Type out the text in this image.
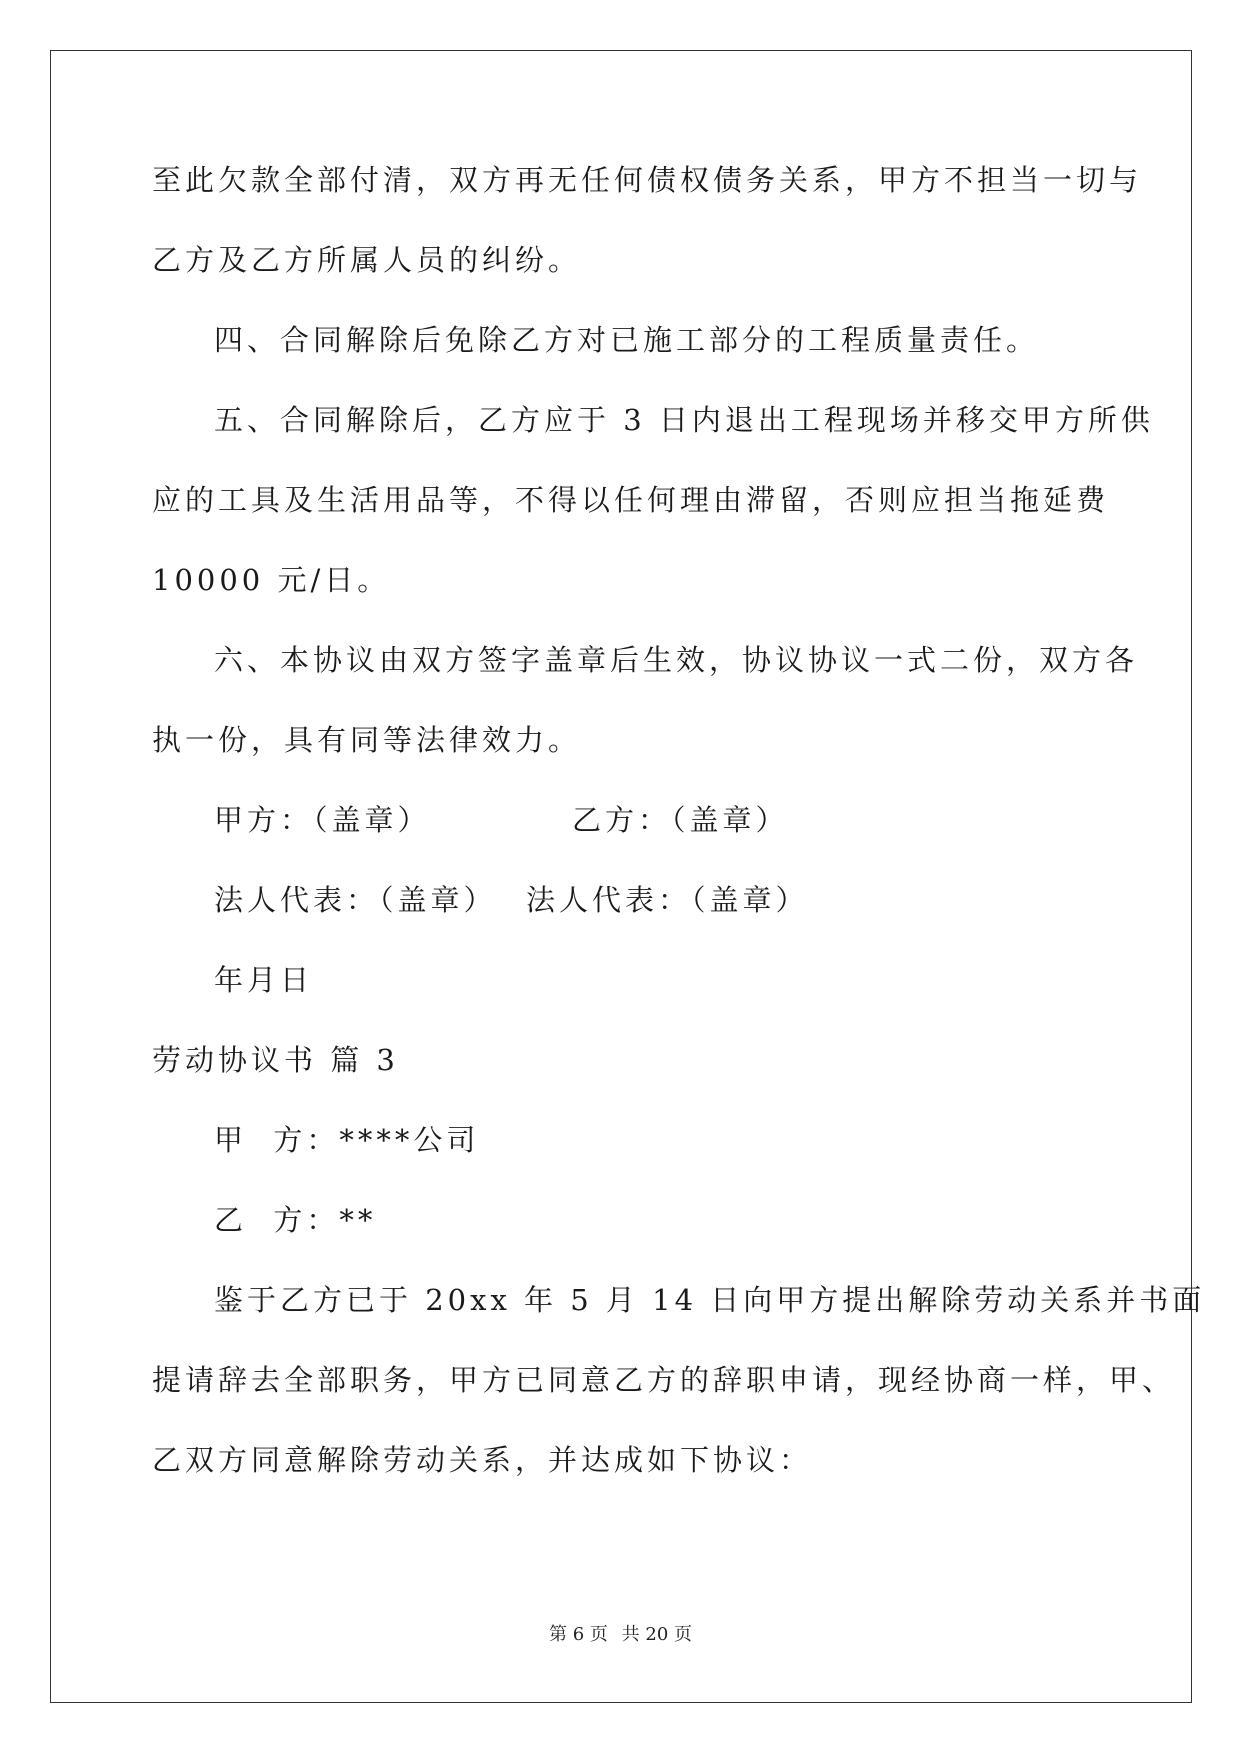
至此欠款全部付清，双方再无任何债权债务关系，甲方不担当一切与
乙方及乙方所属人员的纠纷。
四、合同解除后免除乙方对已施工部分的工程质量责任。
五、合同解除后，乙方应于 3 日内退出工程现场并移交甲方所供
应的工具及生活用品等，不得以任何理由滞留，否则应担当拖延费
10000 元/日。
六、本协议由双方签字盖章后生效，协议协议一式二份，双方各
执一份，具有同等法律效力。
甲方：（盖章）	乙方：（盖章）
法人代表：（盖章） 法人代表：（盖章）
年月日
劳动协议书 篇 3
甲  方：****公司
乙  方：**
鉴于乙方已于 20xx 年 5 月 14 日向甲方提出解除劳动关系并书面
提请辞去全部职务，甲方已同意乙方的辞职申请，现经协商一样，甲、
乙双方同意解除劳动关系，并达成如下协议：
第 6 页 共 20 页
